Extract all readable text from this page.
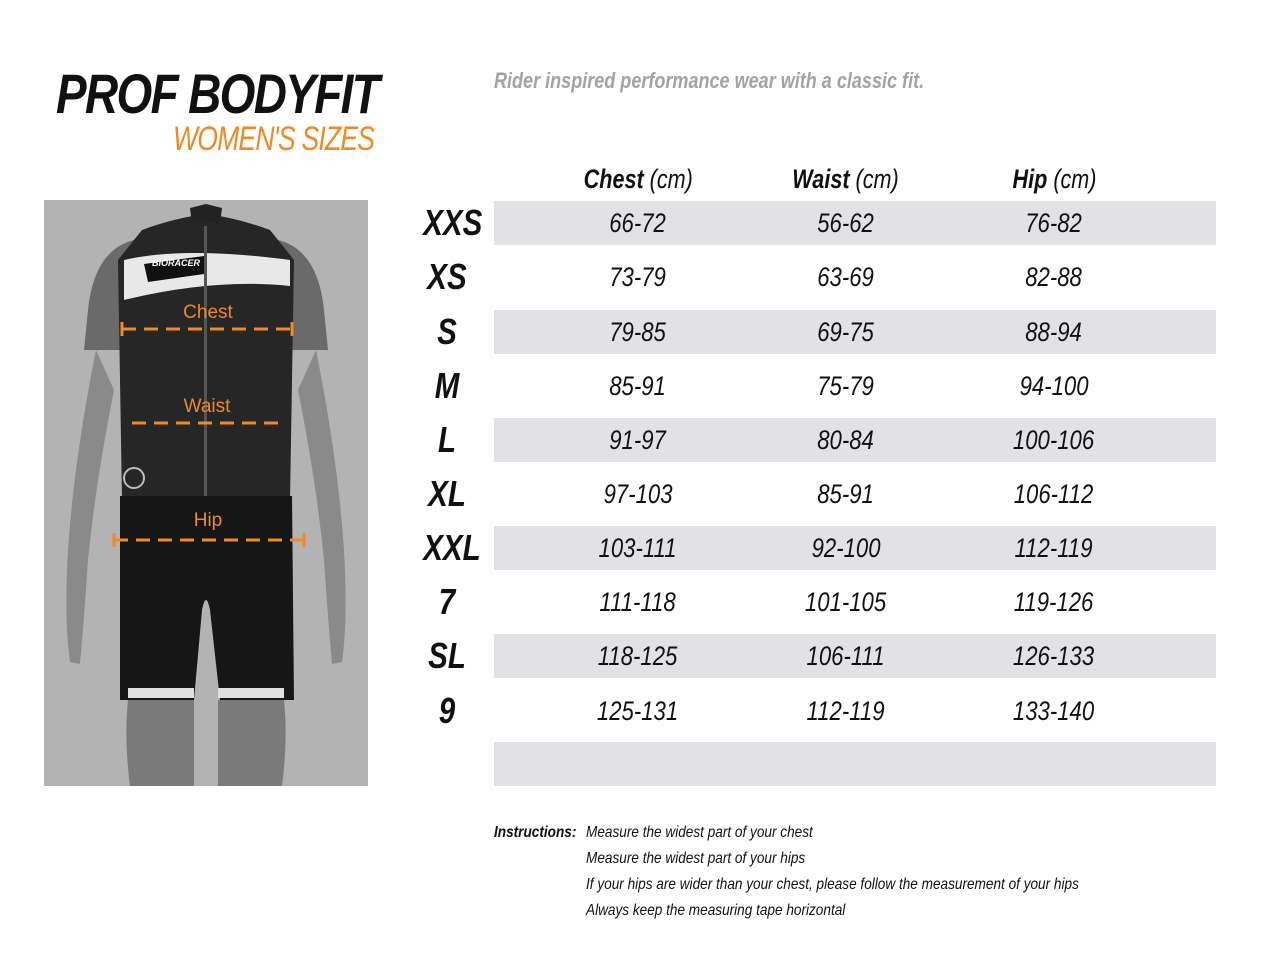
PROF BODYFIT
WOMEN'S SIZES
Rider inspired performance wear with a classic fit.
BIORACER
Chest
Waist
Hip
Chest (cm)	Waist (cm)	Hip (cm)
XXS	66-72	56-62	76-82
XS	73-79	63-69	82-88
S	79-85	69-75	88-94
M	85-91	75-79	94-100
L	91-97	80-84	100-106
XL	97-103	85-91	106-112
XXL	103-111	92-100	112-119
7	111-118	101-105	119-126
SL	118-125	106-111	126-133
9	125-131	112-119	133-140
Instructions: Measure the widest part of your chest
Measure the widest part of your hips
If your hips are wider than your chest, please follow the measurement of your hips
Always keep the measuring tape horizontal
